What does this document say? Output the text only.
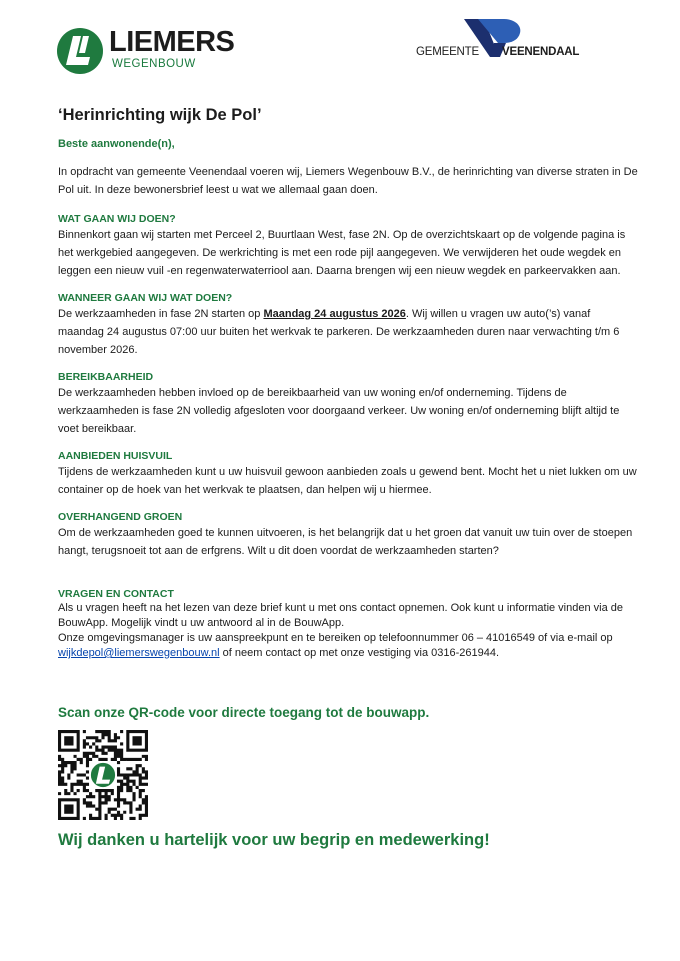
LIEMERS
WEGENBOUW
GEMEENTE VEENENDAAL
‘Herinrichting wijk De Pol’
Beste aanwonende(n),
In opdracht van gemeente Veenendaal voeren wij, Liemers Wegenbouw B.V., de herinrichting van diverse straten in De Pol uit. In deze bewonersbrief leest u wat we allemaal gaan doen.
WAT GAAN WIJ DOEN?
Binnenkort gaan wij starten met Perceel 2, Buurtlaan West, fase 2N. Op de overzichtskaart op de volgende pagina is het werkgebied aangegeven. De werkrichting is met een rode pijl aangegeven. We verwijderen het oude wegdek en leggen een nieuw vuil -en regenwaterwaterriool aan. Daarna brengen wij een nieuw wegdek en parkeervakken aan.
WANNEER GAAN WIJ WAT DOEN?
De werkzaamheden in fase 2N starten op Maandag 24 augustus 2026. Wij willen u vragen uw auto(’s) vanaf maandag 24 augustus 07:00 uur buiten het werkvak te parkeren. De werkzaamheden duren naar verwachting t/m 6 november 2026.
BEREIKBAARHEID
De werkzaamheden hebben invloed op de bereikbaarheid van uw woning en/of onderneming. Tijdens de werkzaamheden is fase 2N volledig afgesloten voor doorgaand verkeer. Uw woning en/of onderneming blijft altijd te voet bereikbaar.
AANBIEDEN HUISVUIL
Tijdens de werkzaamheden kunt u uw huisvuil gewoon aanbieden zoals u gewend bent. Mocht het u niet lukken om uw container op de hoek van het werkvak te plaatsen, dan helpen wij u hiermee.
OVERHANGEND GROEN
Om de werkzaamheden goed te kunnen uitvoeren, is het belangrijk dat u het groen dat vanuit uw tuin over de stoepen hangt, terugsnoeit tot aan de erfgrens. Wilt u dit doen voordat de werkzaamheden starten?
VRAGEN EN CONTACT
Als u vragen heeft na het lezen van deze brief kunt u met ons contact opnemen. Ook kunt u informatie vinden via de BouwApp. Mogelijk vindt u uw antwoord al in de BouwApp.
Onze omgevingsmanager is uw aanspreekpunt en te bereiken op telefoonnummer 06 – 41016549 of via e-mail op wijkdepol@liemerswegenbouw.nl of neem contact op met onze vestiging via 0316-261944.
Scan onze QR-code voor directe toegang tot de bouwapp.
Wij danken u hartelijk voor uw begrip en medewerking!
